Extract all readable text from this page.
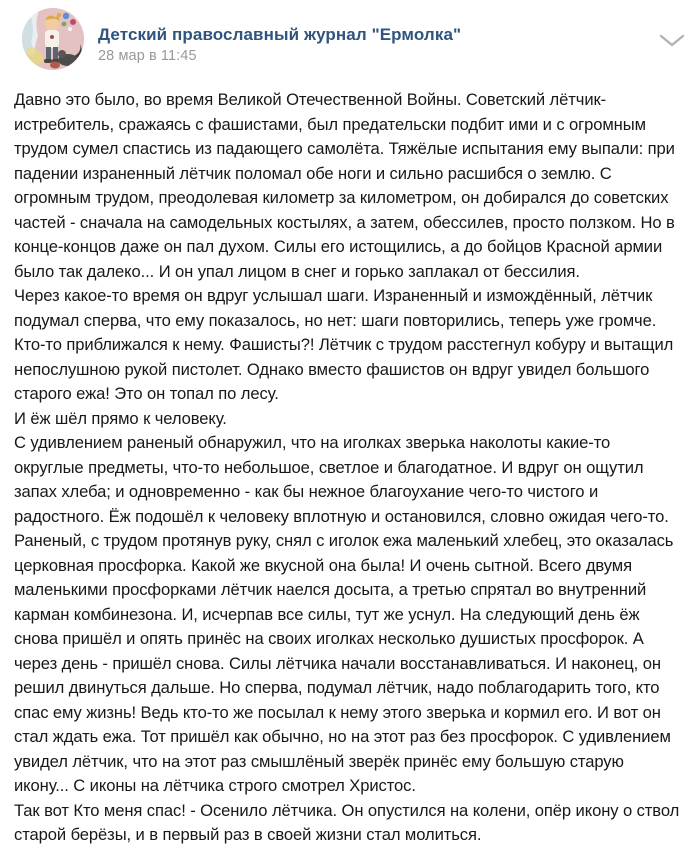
Детский православный журнал "Ермолка"
28 мар в 11:45
Давно это было, во время Великой Отечественной Войны. Советский лётчик-
истребитель, сражаясь с фашистами, был предательски подбит ими и с огромным
трудом сумел спастись из падающего самолёта. Тяжёлые испытания ему выпали: при
падении израненный лётчик поломал обе ноги и сильно расшибся о землю. С
огромным трудом, преодолевая километр за километром, он добирался до советских
частей - сначала на самодельных костылях, а затем, обессилев, просто ползком. Но в
конце-концов даже он пал духом. Силы его истощились, а до бойцов Красной армии
было так далеко... И он упал лицом в снег и горько заплакал от бессилия.
Через какое-то время он вдруг услышал шаги. Израненный и измождённый, лётчик
подумал сперва, что ему показалось, но нет: шаги повторились, теперь уже громче.
Кто-то приближался к нему. Фашисты?! Лётчик с трудом расстегнул кобуру и вытащил
непослушною рукой пистолет. Однако вместо фашистов он вдруг увидел большого
старого ежа! Это он топал по лесу.
И ёж шёл прямо к человеку.
С удивлением раненый обнаружил, что на иголках зверька наколоты какие-то
округлые предметы, что-то небольшое, светлое и благодатное. И вдруг он ощутил
запах хлеба; и одновременно - как бы нежное благоухание чего-то чистого и
радостного. Ёж подошёл к человеку вплотную и остановился, словно ожидая чего-то.
Раненый, с трудом протянув руку, снял с иголок ежа маленький хлебец, это оказалась
церковная просфорка. Какой же вкусной она была! И очень сытной. Всего двумя
маленькими просфорками лётчик наелся досыта, а третью спрятал во внутренний
карман комбинезона. И, исчерпав все силы, тут же уснул. На следующий день ёж
снова пришёл и опять принёс на своих иголках несколько душистых просфорок. А
через день - пришёл снова. Силы лётчика начали восстанавливаться. И наконец, он
решил двинуться дальше. Но сперва, подумал лётчик, надо поблагодарить того, кто
спас ему жизнь! Ведь кто-то же посылал к нему этого зверька и кормил его. И вот он
стал ждать ежа. Тот пришёл как обычно, но на этот раз без просфорок. С удивлением
увидел лётчик, что на этот раз смышлёный зверёк принёс ему большую старую
икону... С иконы на лётчика строго смотрел Христос.
Так вот Кто меня спас! - Осенило лётчика. Он опустился на колени, опёр икону о ствол
старой берёзы, и в первый раз в своей жизни стал молиться.
